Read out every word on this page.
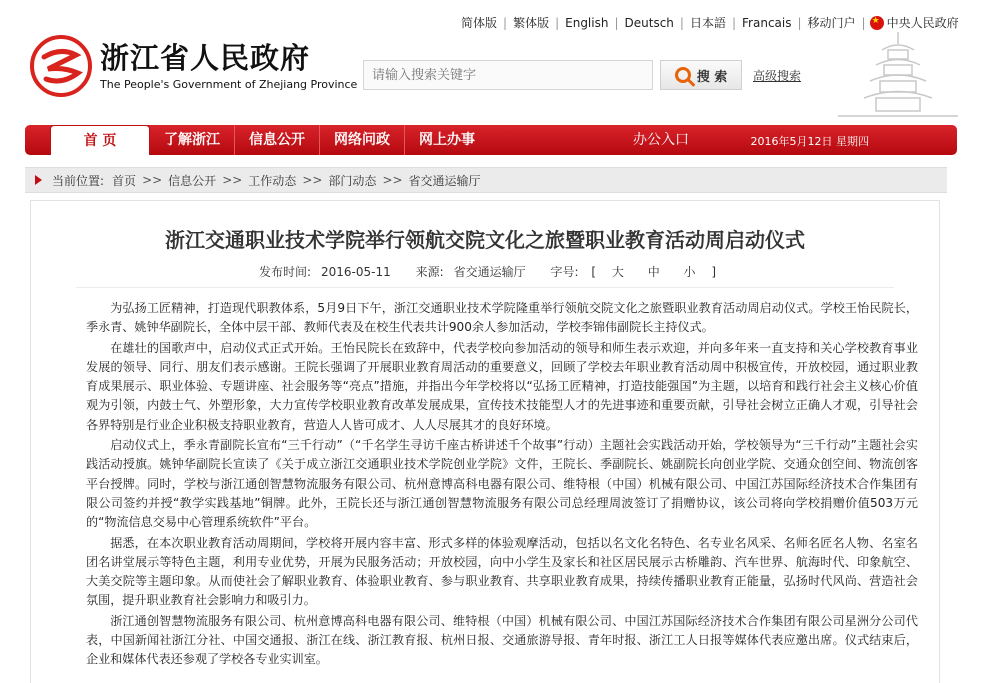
简体版 | 繁体版 | English | Deutsch | 日本語 | Francais | 移动门户 |
★ 中央人民政府
浙江省人民政府
The People's Government of Zhejiang Province
请输入搜索关键字	搜 索 高级搜索
首 页	了解浙江	信息公开	网络问政	网上办事	办公入口	2016年5月12日 星期四
当前位置: 首页 >> 信息公开 >> 工作动态 >> 部门动态 >> 省交通运输厅
浙江交通职业技术学院举行领航交院文化之旅暨职业教育活动周启动仪式
发布时间: 2016-05-11 来源: 省交通运输厅 字号: [ 大 中 小 ]

为弘扬工匠精神，打造现代职教体系，5月9日下午，浙江交通职业技术学院隆重举行领航交院文化之旅暨职业教育活动周启动仪式。学校王怡民院长，季永青、姚钟华副院长，全体中层干部、教师代表及在校生代表共计900余人参加活动，学校李锦伟副院长主持仪式。

在雄壮的国歌声中，启动仪式正式开始。王怡民院长在致辞中，代表学校向参加活动的领导和师生表示欢迎，并向多年来一直支持和关心学校教育事业发展的领导、同行、朋友们表示感谢。王院长强调了开展职业教育周活动的重要意义，回顾了学校去年职业教育活动周中积极宣传，开放校园，通过职业教育成果展示、职业体验、专题讲座、社会服务等“亮点”措施，并指出今年学校将以“弘扬工匠精神，打造技能强国”为主题，以培育和践行社会主义核心价值观为引领，内鼓士气、外塑形象，大力宣传学校职业教育改革发展成果，宣传技术技能型人才的先进事迹和重要贡献，引导社会树立正确人才观，引导社会各界特别是行业企业积极支持职业教育，营造人人皆可成才、人人尽展其才的良好环境。

启动仪式上，季永青副院长宣布“三千行动”（“千名学生寻访千座古桥讲述千个故事”行动）主题社会实践活动开始，学校领导为“三千行动”主题社会实践活动授旗。姚钟华副院长宣读了《关于成立浙江交通职业技术学院创业学院》文件，王院长、季副院长、姚副院长向创业学院、交通众创空间、物流创客平台授牌。同时，学校与浙江通创智慧物流服务有限公司、杭州意博高科电器有限公司、维特根（中国）机械有限公司、中国江苏国际经济技术合作集团有限公司签约并授“教学实践基地”铜牌。此外，王院长还与浙江通创智慧物流服务有限公司总经理周波签订了捐赠协议，该公司将向学校捐赠价值503万元的“物流信息交易中心管理系统软件”平台。

据悉，在本次职业教育活动周期间，学校将开展内容丰富、形式多样的体验观摩活动，包括以名文化名特色、名专业名风采、名师名匠名人物、名室名团名讲堂展示等特色主题，利用专业优势，开展为民服务活动；开放校园，向中小学生及家长和社区居民展示古桥雕韵、汽车世界、航海时代、印象航空、大美交院等主题印象。从而使社会了解职业教育、体验职业教育、参与职业教育、共享职业教育成果，持续传播职业教育正能量，弘扬时代风尚、营造社会氛围，提升职业教育社会影响力和吸引力。

浙江通创智慧物流服务有限公司、杭州意博高科电器有限公司、维特根（中国）机械有限公司、中国江苏国际经济技术合作集团有限公司星洲分公司代表，中国新闻社浙江分社、中国交通报、浙江在线、浙江教育报、杭州日报、交通旅游导报、青年时报、浙江工人日报等媒体代表应邀出席。仪式结束后，企业和媒体代表还参观了学校各专业实训室。
